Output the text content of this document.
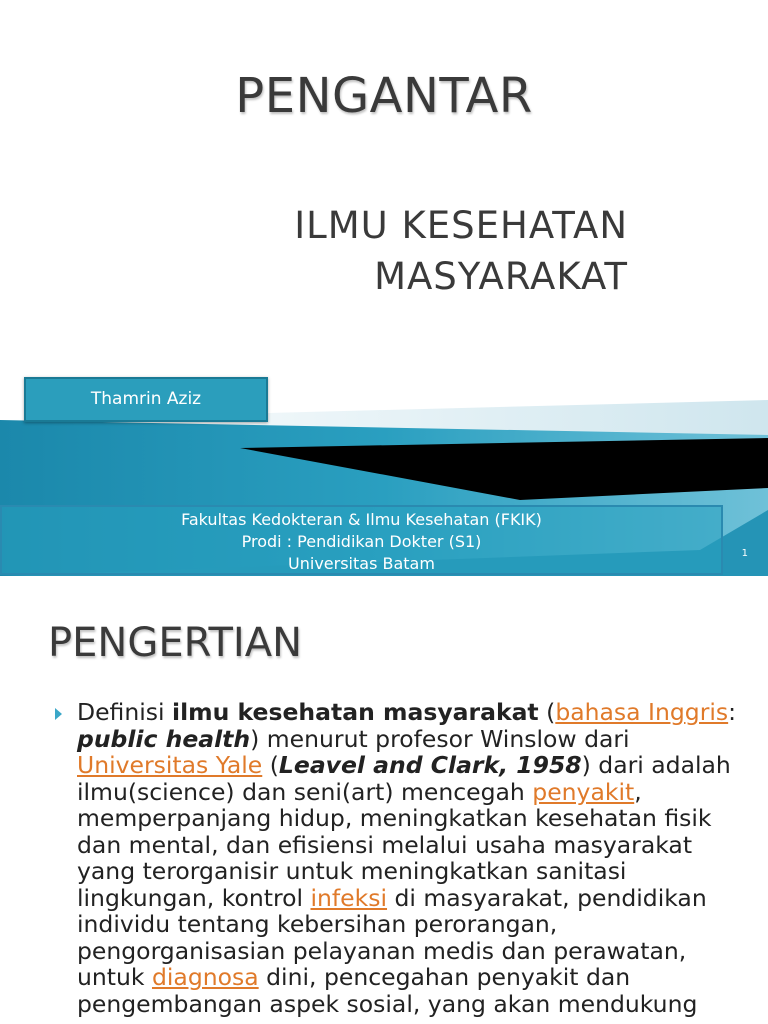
PENGANTAR
ILMU KESEHATAN
MASYARAKAT
Thamrin Aziz
Fakultas Kedokteran & Ilmu Kesehatan (FKIK)
Prodi : Pendidikan Dokter (S1)
Universitas Batam
1
PENGERTIAN
Definisi ilmu kesehatan masyarakat (bahasa Inggris: public health) menurut profesor Winslow dari Universitas Yale (Leavel and Clark, 1958) dari adalah ilmu(science) dan seni(art) mencegah penyakit, memperpanjang hidup, meningkatkan kesehatan fisik dan mental, dan efisiensi melalui usaha masyarakat yang terorganisir untuk meningkatkan sanitasi lingkungan, kontrol infeksi di masyarakat, pendidikan individu tentang kebersihan perorangan, pengorganisasian pelayanan medis dan perawatan, untuk diagnosa dini, pencegahan penyakit dan pengembangan aspek sosial, yang akan mendukung
